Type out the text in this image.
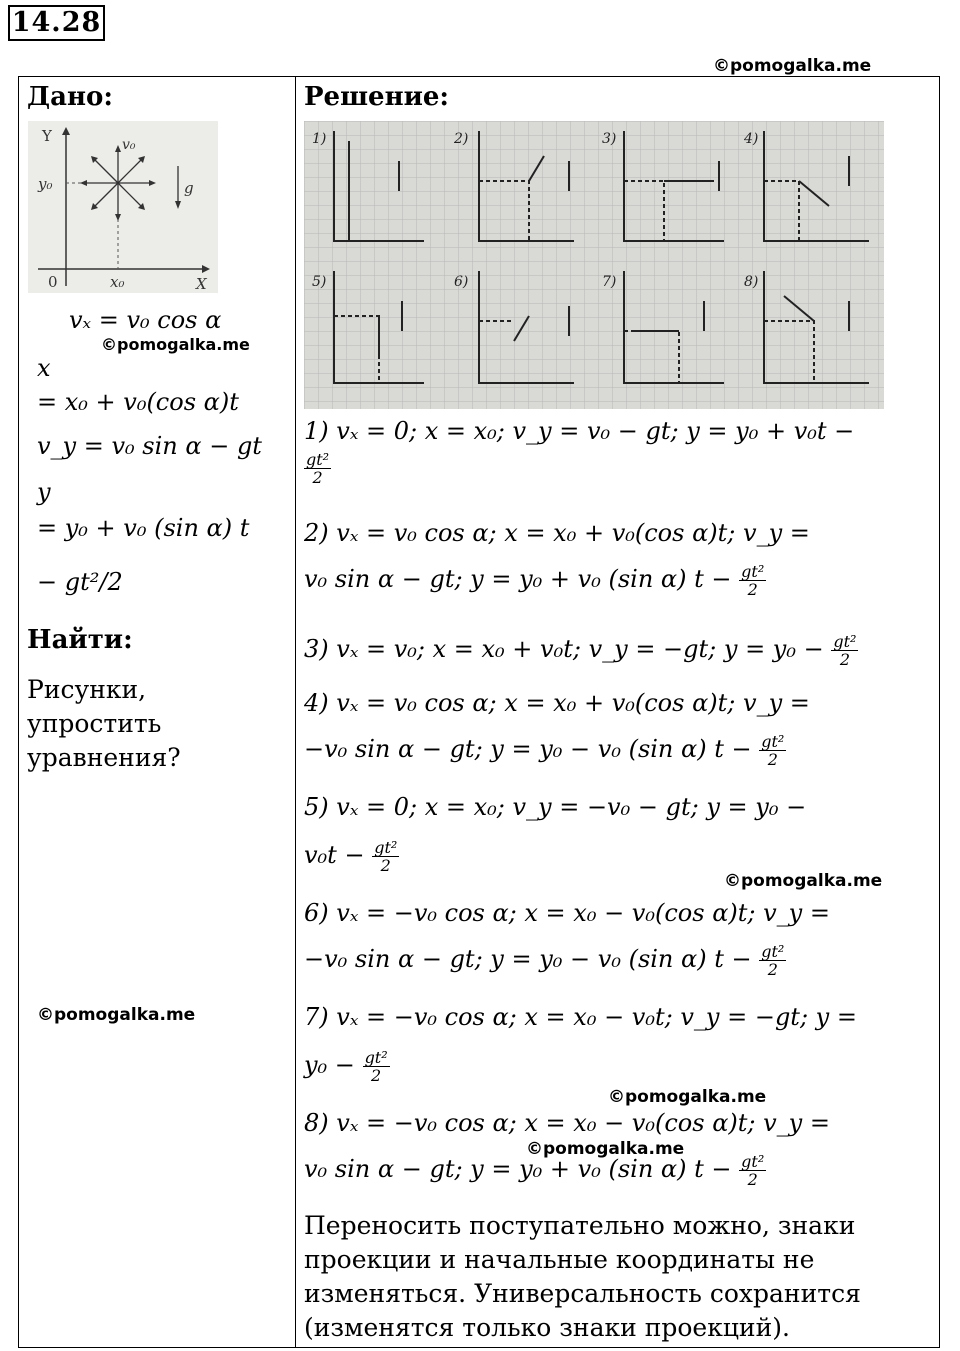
14.28
©pomogalka.me
Дано:
Y
X
0
y₀
x₀
v₀
g
vₓ = v₀ cos α
©pomogalka.me
x
= x₀ + v₀(cos α)t
v_y = v₀ sin α − gt
y
= y₀ + v₀ (sin α) t
− gt²/2
Найти:
Рисунки,
упростить
уравнения?
©pomogalka.me

Решение:
1)	2)	3)	4)
5)	6)	7)	8)
1) vₓ = 0; x = x₀; v_y = v₀ − gt; y = y₀ + v₀t −
$\frac{\text{gt²}}{2}$
2) vₓ = v₀ cos α; x = x₀ + v₀(cos α)t; v_y =
v₀ sin α − gt; y = y₀ + v₀ (sin α) $t - \frac{\text{gt²}}{2}$
3) vₓ = v₀; x = x₀ + v₀t; v_y = −gt; $y = y_0 - \frac{\text{gt²}}{2}$
4) vₓ = v₀ cos α; x = x₀ + v₀(cos α)t; v_y =
−v₀ sin α − gt; y = y₀ − v₀ (sin α) $t - \frac{\text{gt²}}{2}$
5) vₓ = 0; x = x₀; v_y = −v₀ − gt; y = y₀ −
$v_0t - \frac{\text{gt²}}{2}$
©pomogalka.me
6) vₓ = −v₀ cos α; x = x₀ − v₀(cos α)t; v_y =
−v₀ sin α − gt; y = y₀ − v₀ (sin α) $t - \frac{\text{gt²}}{2}$
7) vₓ = −v₀ cos α; x = x₀ − v₀t; v_y = −gt; y =
$y_0 - \frac{\text{gt²}}{2}$
©pomogalka.me
8) vₓ = −v₀ cos α; x = x₀ − v₀(cos α)t; v_y =
©pomogalka.me
v₀ sin α − gt; y = y₀ + v₀ (sin α) $t - \frac{\text{gt²}}{2}$
Переносить поступательно можно, знаки
проекции и начальные координаты не
изменяться. Универсальность сохранится
(изменятся только знаки проекций).
